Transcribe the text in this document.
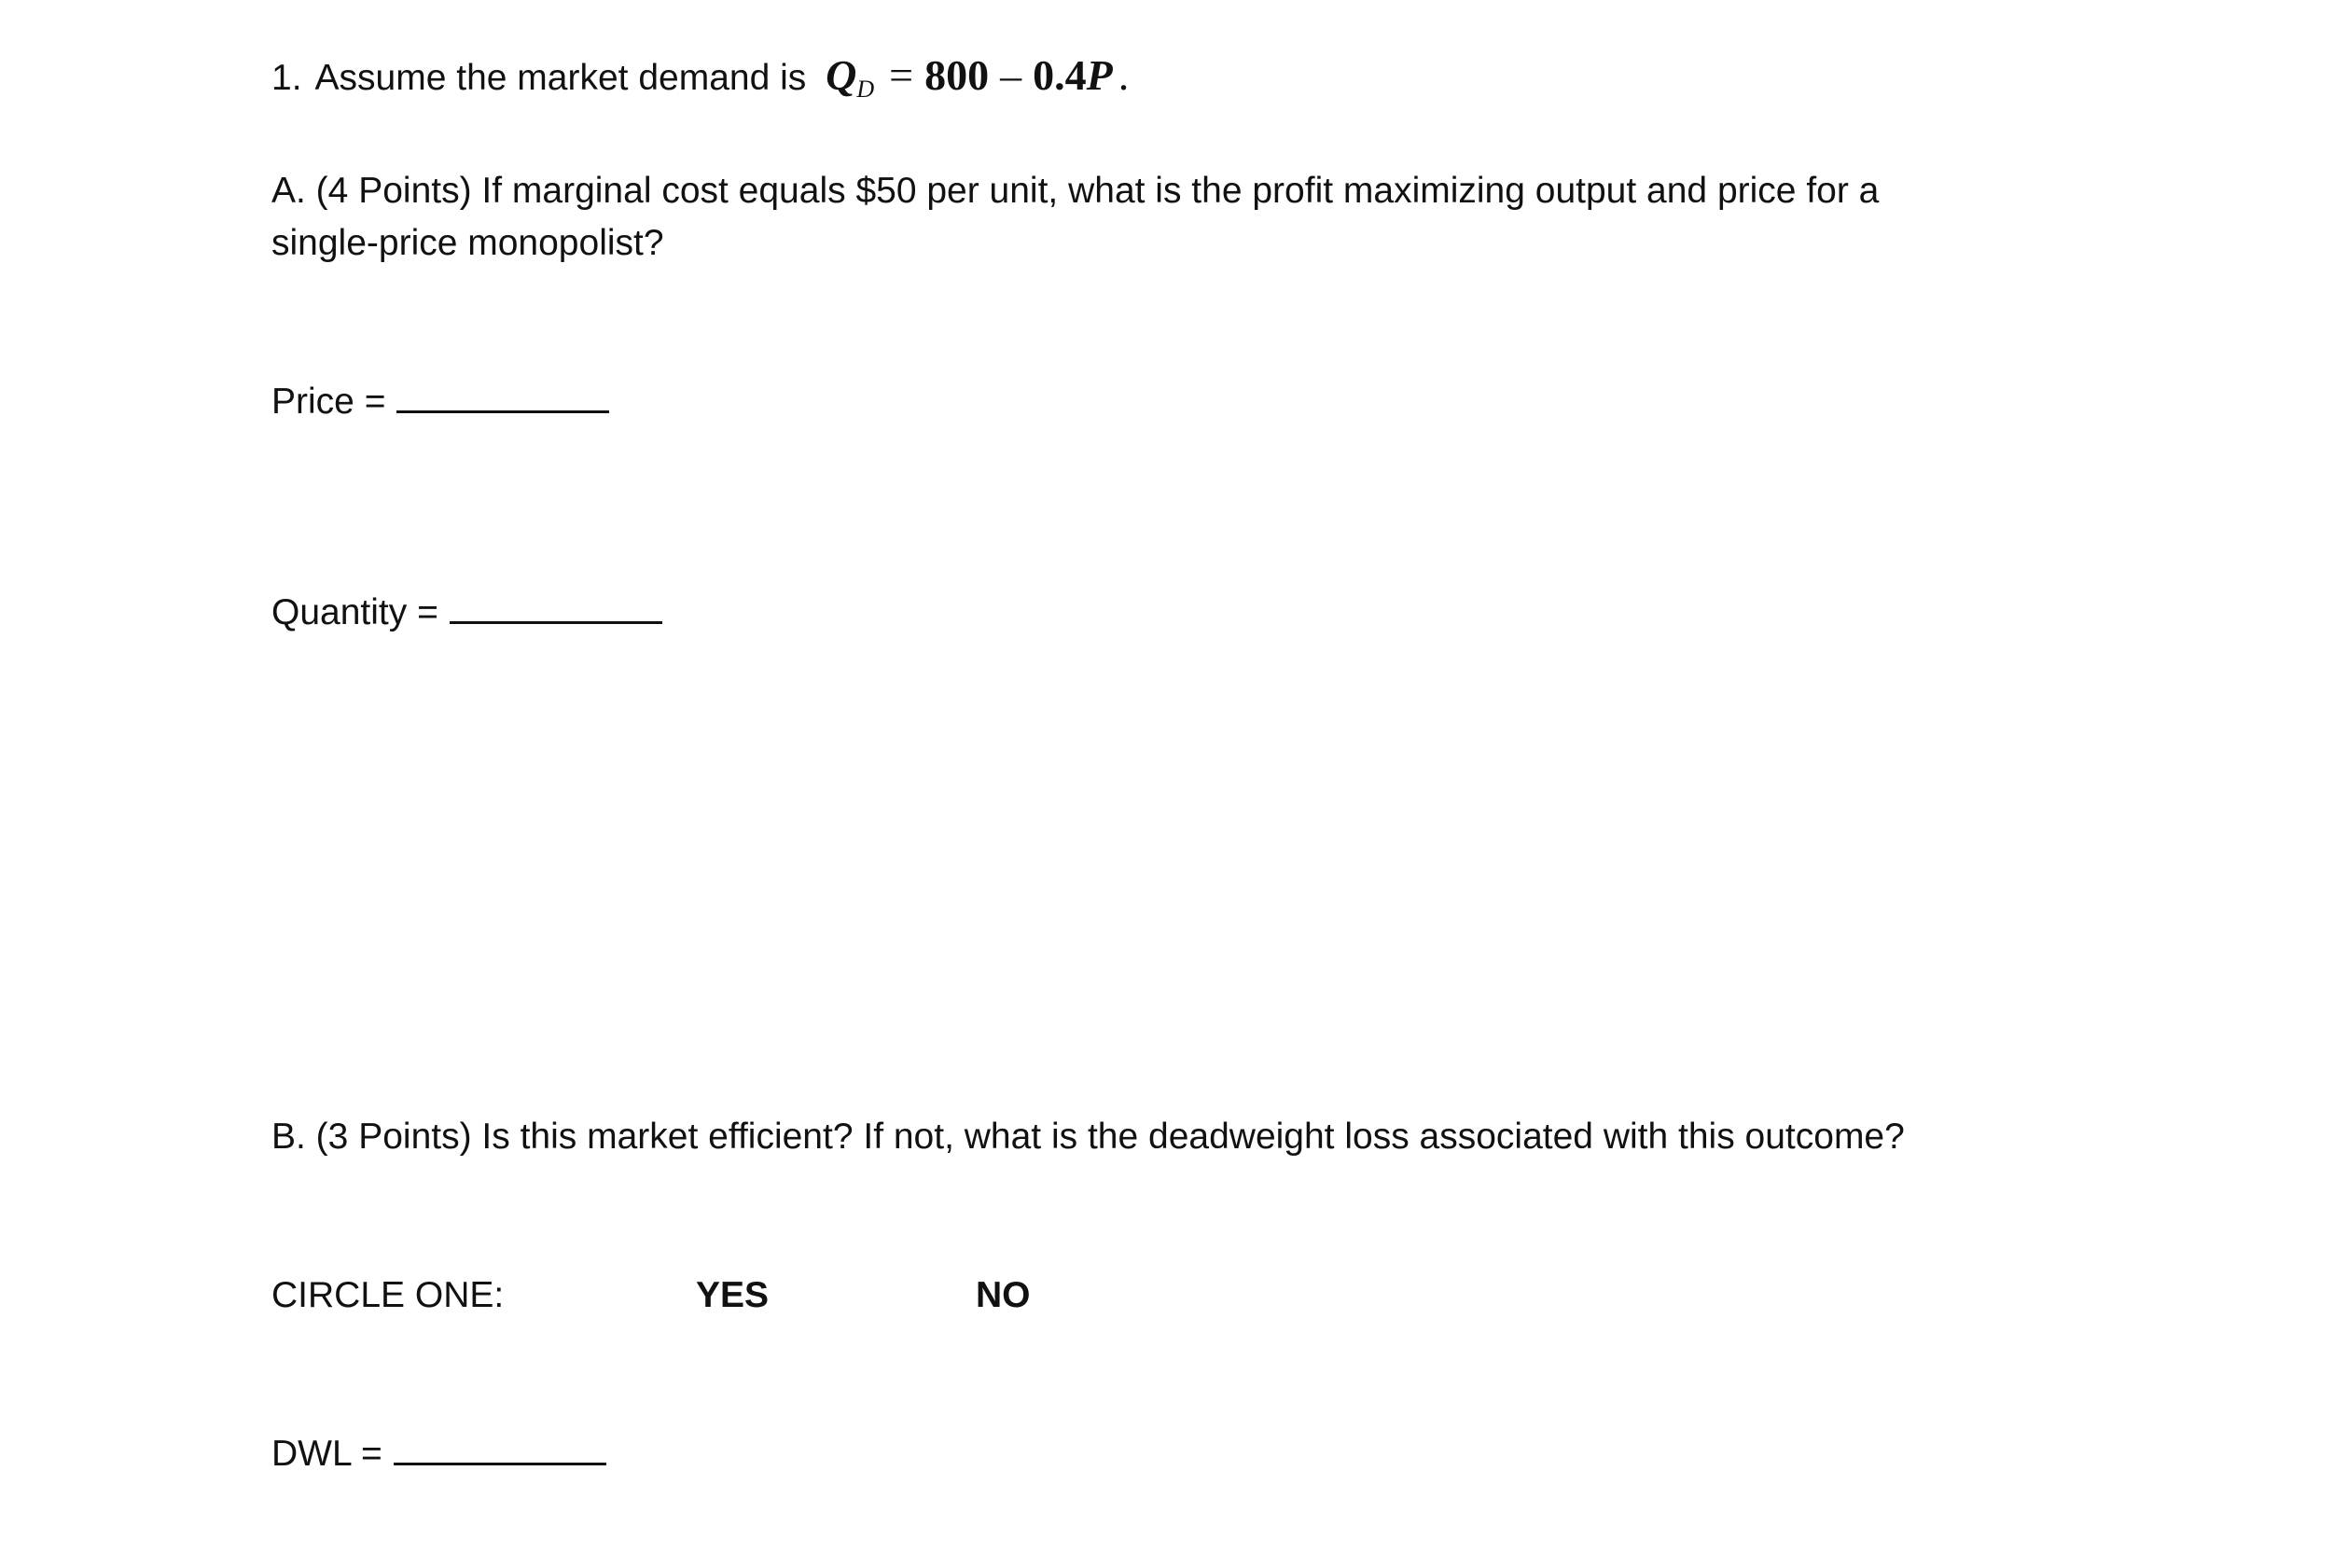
1. Assume the market demand is $Q_D = 800 - 0.4P$ .
A. (4 Points) If marginal cost equals $50 per unit, what is the profit maximizing output and price for a
single-price monopolist?
Price =
Quantity =
B. (3 Points) Is this market efficient? If not, what is the deadweight loss associated with this outcome?
CIRCLE ONE:	YES	NO
DWL =
